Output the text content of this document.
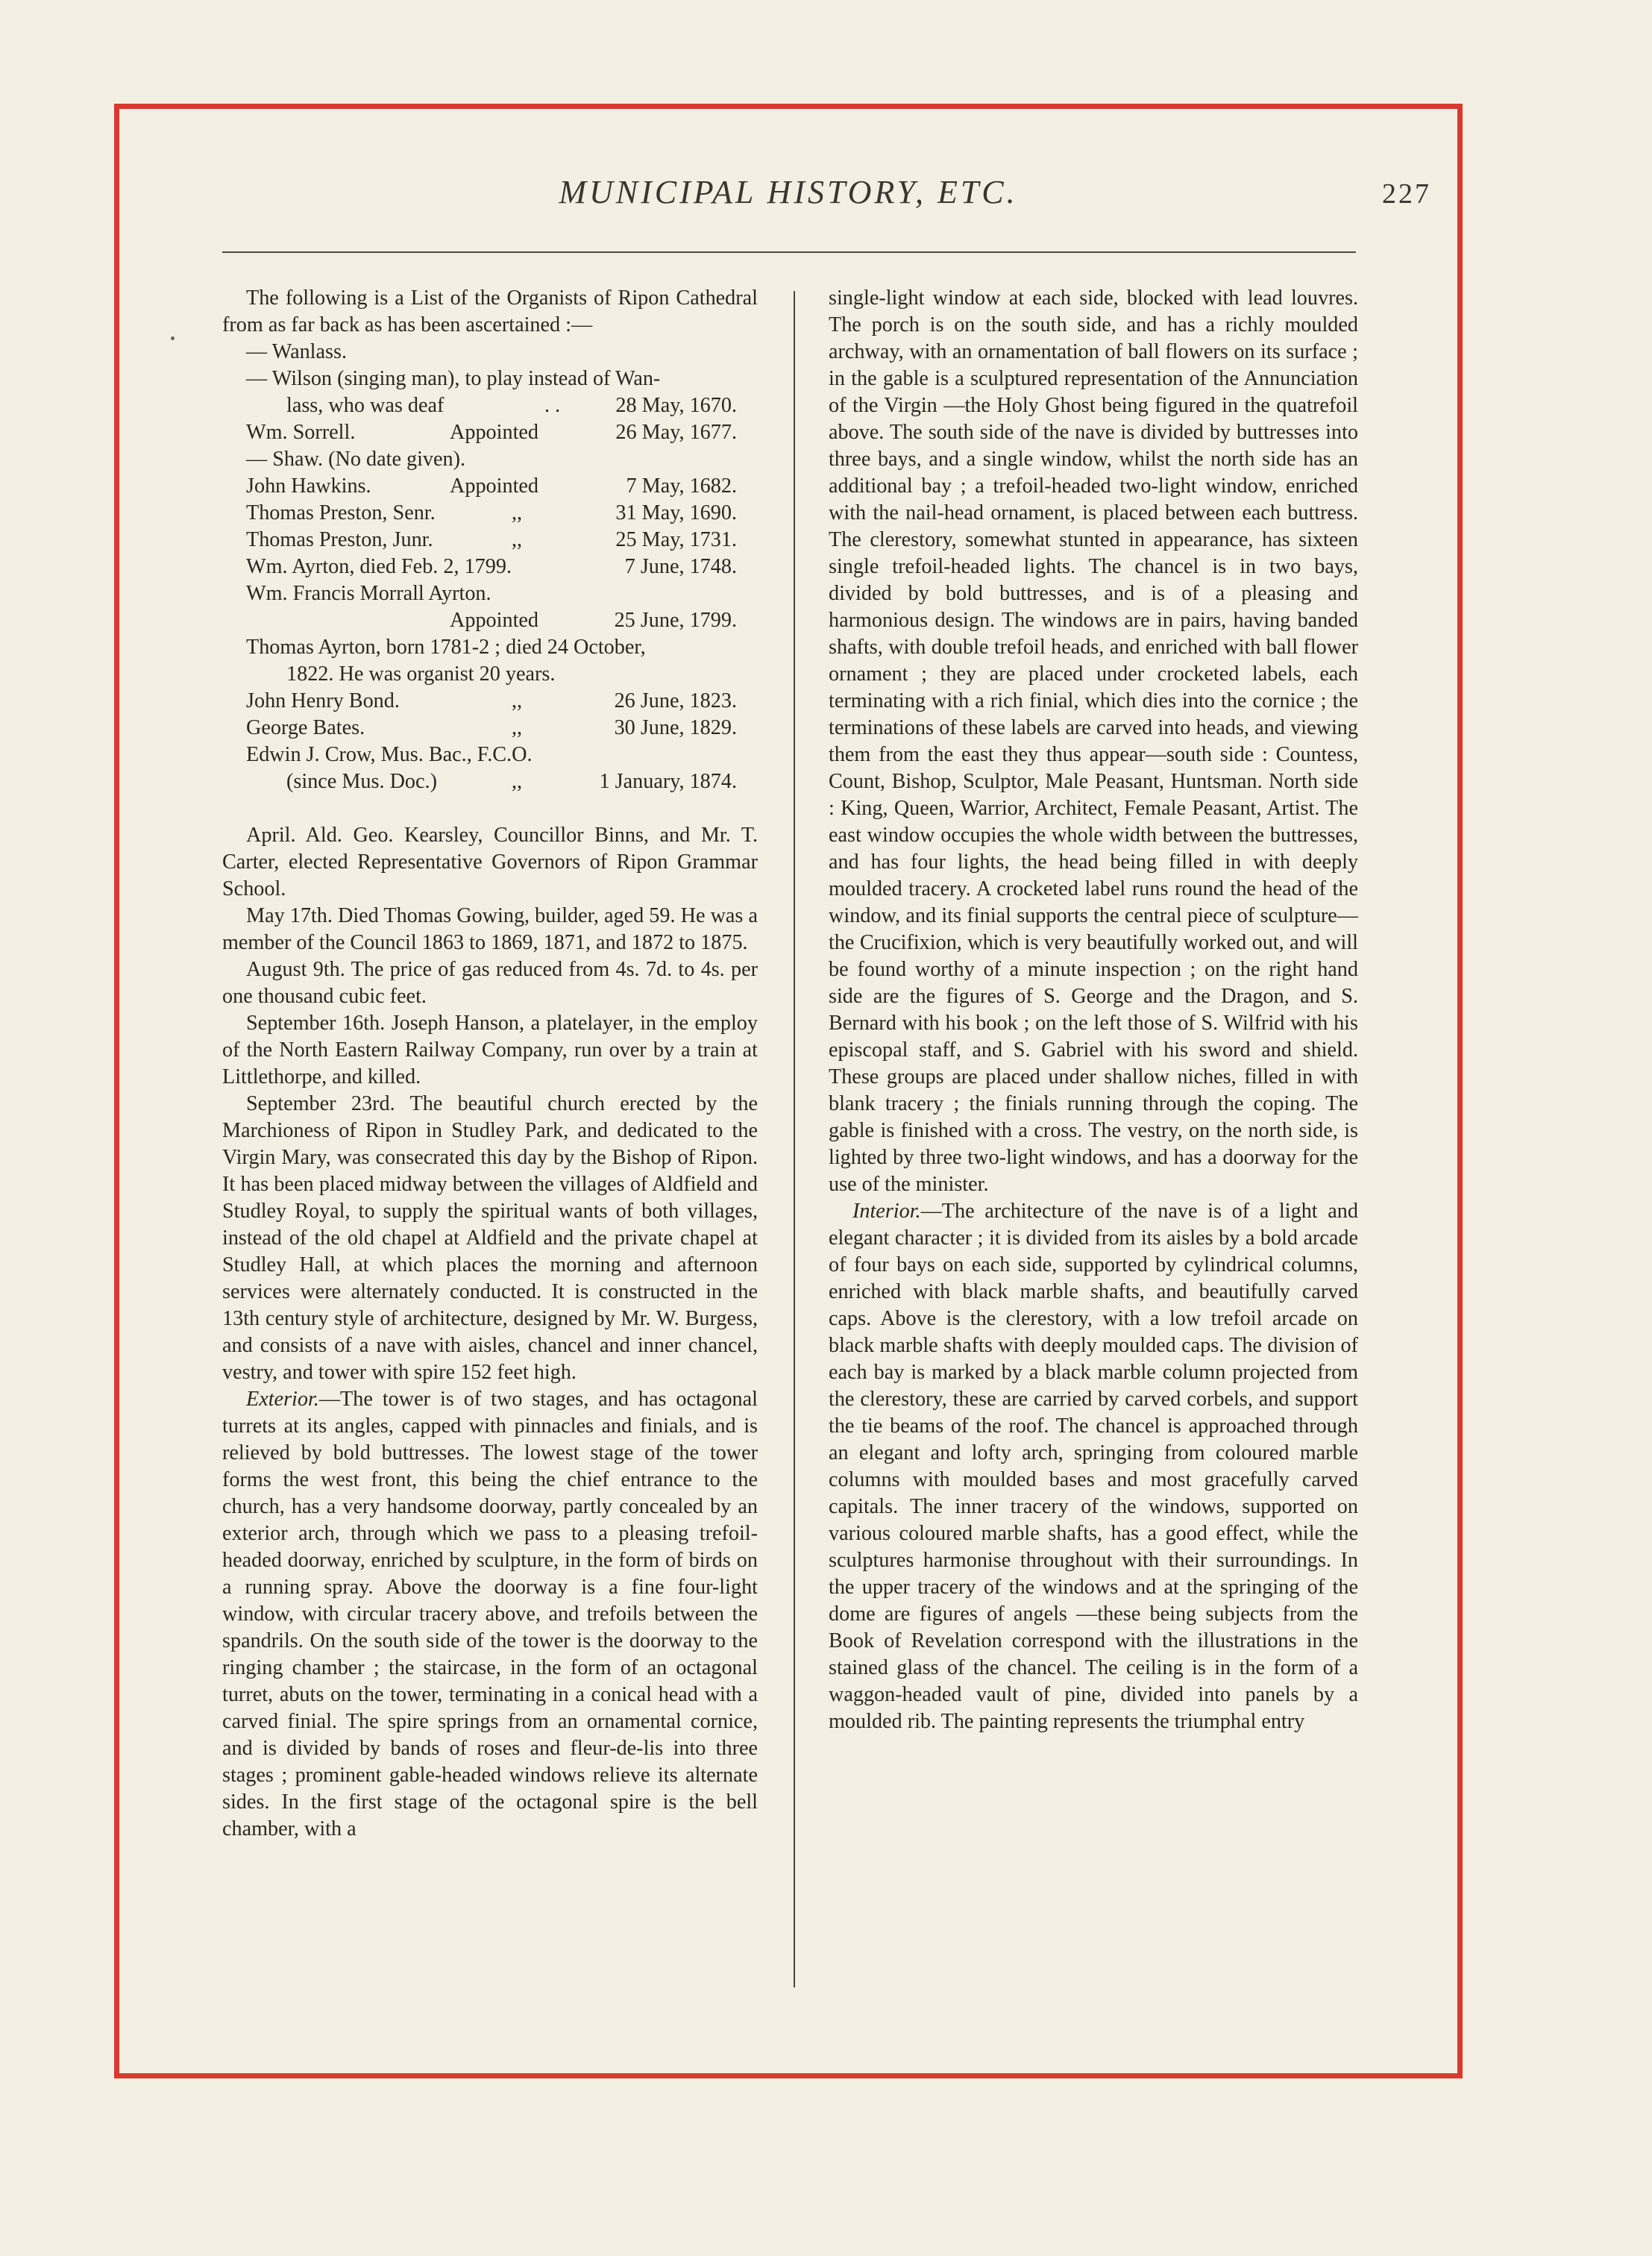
MUNICIPAL HISTORY, ETC.	227

The following is a List of the Organists of Ripon Cathedral from as far back as has been ascertained :—

— Wanlass.
— Wilson (singing man), to play instead of Wan-
lass, who was deaf	. .	28 May, 1670.
Wm. Sorrell.	Appointed	26 May, 1677.
— Shaw. (No date given).
John Hawkins.	Appointed	7 May, 1682.
Thomas Preston, Senr.	,,	31 May, 1690.
Thomas Preston, Junr.	,,	25 May, 1731.
Wm. Ayrton, died Feb. 2, 1799.	7 June, 1748.
Wm. Francis Morrall Ayrton.
Appointed	25 June, 1799.
Thomas Ayrton, born 1781-2 ; died 24 October,
1822. He was organist 20 years.
John Henry Bond.	,,	26 June, 1823.
George Bates.	,,	30 June, 1829.
Edwin J. Crow, Mus. Bac., F.C.O.
(since Mus. Doc.)	,,	1 January, 1874.

April. Ald. Geo. Kearsley, Councillor Binns, and Mr. T. Carter, elected Representative Governors of Ripon Grammar School.

May 17th. Died Thomas Gowing, builder, aged 59. He was a member of the Council 1863 to 1869, 1871, and 1872 to 1875.

August 9th. The price of gas reduced from 4s. 7d. to 4s. per one thousand cubic feet.

September 16th. Joseph Hanson, a platelayer, in the employ of the North Eastern Railway Company, run over by a train at Littlethorpe, and killed.

September 23rd. The beautiful church erected by the Marchioness of Ripon in Studley Park, and dedicated to the Virgin Mary, was consecrated this day by the Bishop of Ripon. It has been placed midway between the villages of Aldfield and Studley Royal, to supply the spiritual wants of both villages, instead of the old chapel at Aldfield and the private chapel at Studley Hall, at which places the morning and afternoon services were alternately conducted. It is constructed in the 13th century style of architecture, designed by Mr. W. Burgess, and consists of a nave with aisles, chancel and inner chancel, vestry, and tower with spire 152 feet high.

Exterior.—The tower is of two stages, and has octagonal turrets at its angles, capped with pinnacles and finials, and is relieved by bold buttresses. The lowest stage of the tower forms the west front, this being the chief entrance to the church, has a very handsome doorway, partly concealed by an exterior arch, through which we pass to a pleasing trefoil-headed doorway, enriched by sculpture, in the form of birds on a running spray. Above the doorway is a fine four-light window, with circular tracery above, and trefoils between the spandrils. On the south side of the tower is the doorway to the ringing chamber ; the staircase, in the form of an octagonal turret, abuts on the tower, terminating in a conical head with a carved finial. The spire springs from an ornamental cornice, and is divided by bands of roses and fleur-de-lis into three stages ; prominent gable-headed windows relieve its alternate sides. In the first stage of the octagonal spire is the bell chamber, with a

single-light window at each side, blocked with lead louvres. The porch is on the south side, and has a richly moulded archway, with an ornamentation of ball flowers on its surface ; in the gable is a sculptured representation of the Annunciation of the Virgin —the Holy Ghost being figured in the quatrefoil above. The south side of the nave is divided by buttresses into three bays, and a single window, whilst the north side has an additional bay ; a trefoil-headed two-light window, enriched with the nail-head ornament, is placed between each buttress. The clerestory, somewhat stunted in appearance, has sixteen single trefoil-headed lights. The chancel is in two bays, divided by bold buttresses, and is of a pleasing and harmonious design. The windows are in pairs, having banded shafts, with double trefoil heads, and enriched with ball flower ornament ; they are placed under crocketed labels, each terminating with a rich finial, which dies into the cornice ; the terminations of these labels are carved into heads, and viewing them from the east they thus appear—south side : Countess, Count, Bishop, Sculptor, Male Peasant, Huntsman. North side : King, Queen, Warrior, Architect, Female Peasant, Artist. The east window occupies the whole width between the buttresses, and has four lights, the head being filled in with deeply moulded tracery. A crocketed label runs round the head of the window, and its finial supports the central piece of sculpture—the Crucifixion, which is very beautifully worked out, and will be found worthy of a minute inspection ; on the right hand side are the figures of S. George and the Dragon, and S. Bernard with his book ; on the left those of S. Wilfrid with his episcopal staff, and S. Gabriel with his sword and shield. These groups are placed under shallow niches, filled in with blank tracery ; the finials running through the coping. The gable is finished with a cross. The vestry, on the north side, is lighted by three two-light windows, and has a doorway for the use of the minister.

Interior.—The architecture of the nave is of a light and elegant character ; it is divided from its aisles by a bold arcade of four bays on each side, supported by cylindrical columns, enriched with black marble shafts, and beautifully carved caps. Above is the clerestory, with a low trefoil arcade on black marble shafts with deeply moulded caps. The division of each bay is marked by a black marble column projected from the clerestory, these are carried by carved corbels, and support the tie beams of the roof. The chancel is approached through an elegant and lofty arch, springing from coloured marble columns with moulded bases and most gracefully carved capitals. The inner tracery of the windows, supported on various coloured marble shafts, has a good effect, while the sculptures harmonise throughout with their surroundings. In the upper tracery of the windows and at the springing of the dome are figures of angels —these being subjects from the Book of Revelation correspond with the illustrations in the stained glass of the chancel. The ceiling is in the form of a waggon-headed vault of pine, divided into panels by a moulded rib. The painting represents the triumphal entry
